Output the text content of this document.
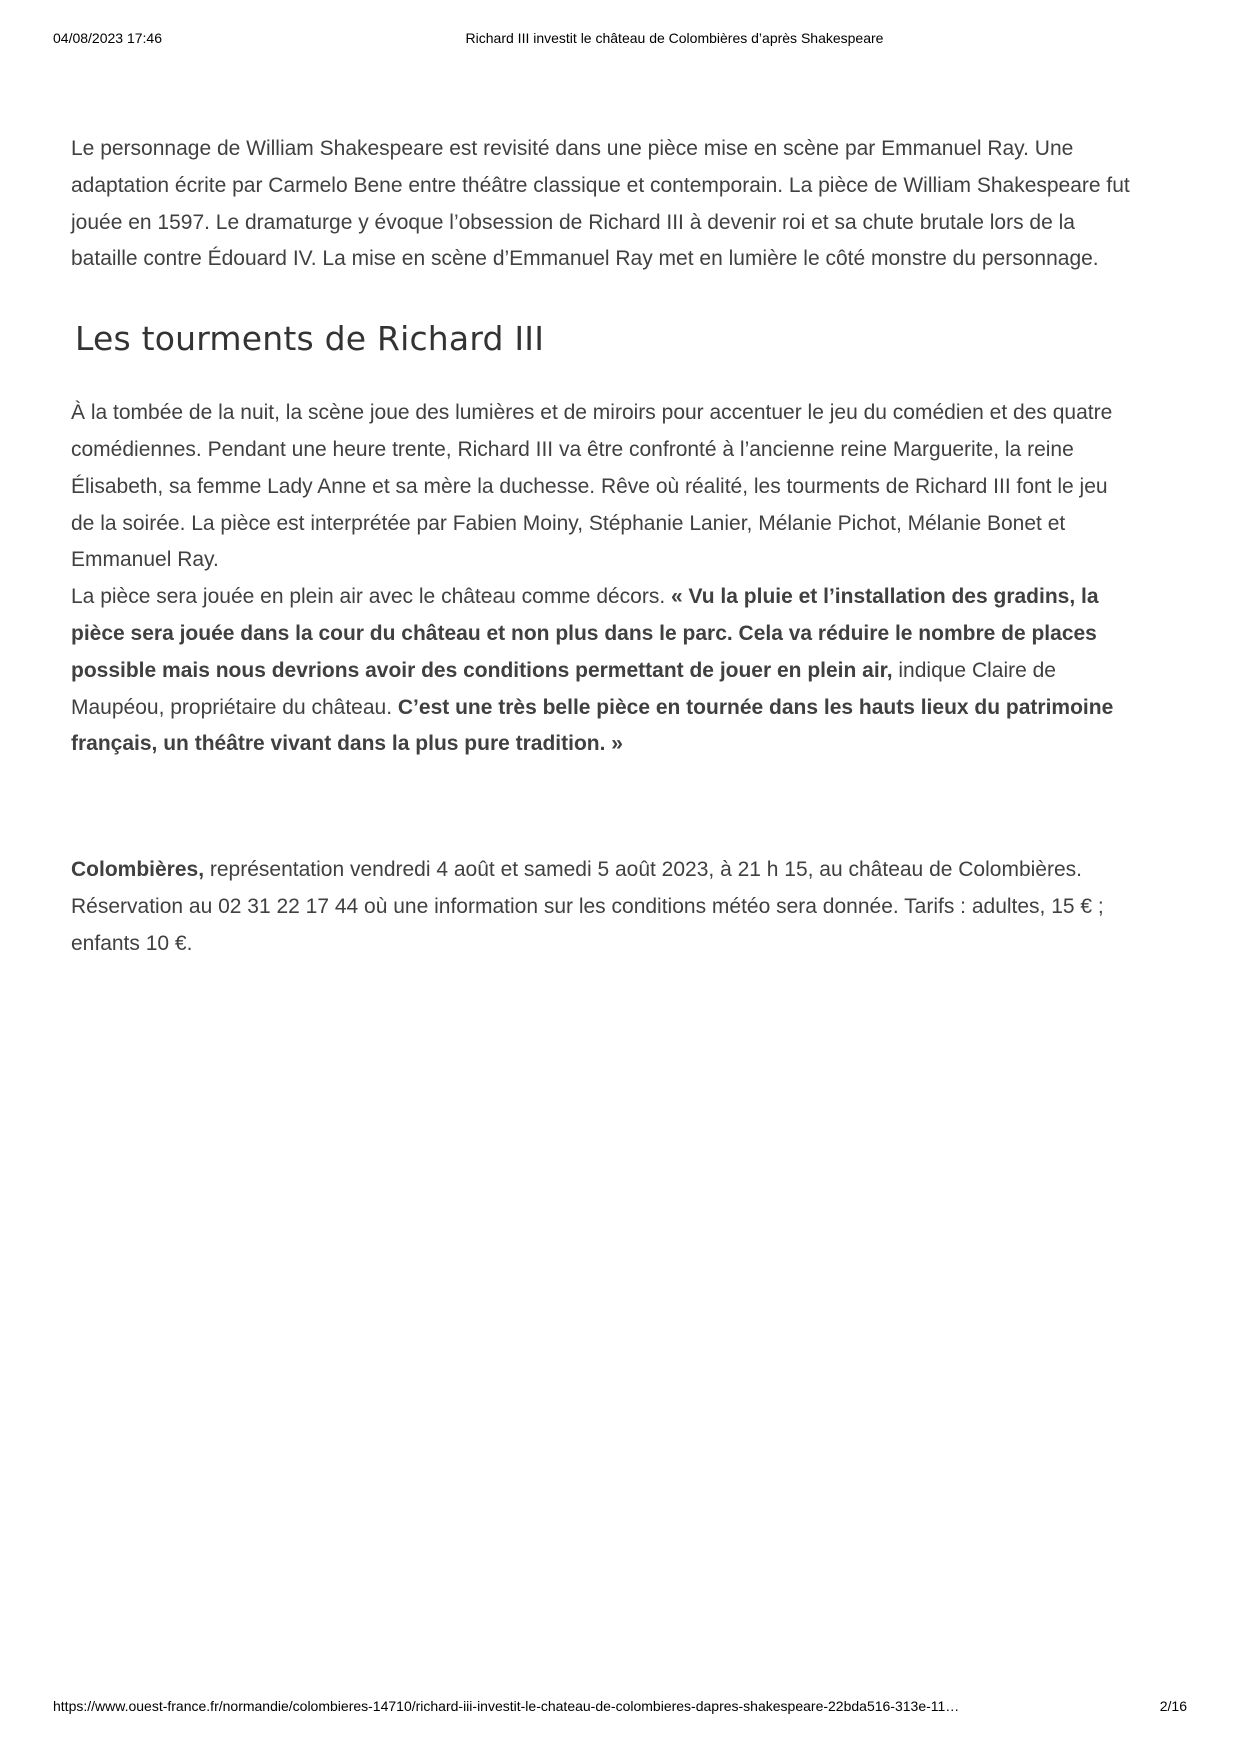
04/08/2023 17:46	Richard III investit le château de Colombières d’après Shakespeare

Le personnage de William Shakespeare est revisité dans une pièce mise en scène par Emmanuel Ray. Une adaptation écrite par Carmelo Bene entre théâtre classique et contemporain. La pièce de William Shakespeare fut jouée en 1597. Le dramaturge y évoque l’obsession de Richard III à devenir roi et sa chute brutale lors de la bataille contre Édouard IV. La mise en scène d’Emmanuel Ray met en lumière le côté monstre du personnage.

Les tourments de Richard III

À la tombée de la nuit, la scène joue des lumières et de miroirs pour accentuer le jeu du comédien et des quatre comédiennes. Pendant une heure trente, Richard III va être confronté à l’ancienne reine Marguerite, la reine Élisabeth, sa femme Lady Anne et sa mère la duchesse. Rêve où réalité, les tourments de Richard III font le jeu de la soirée. La pièce est interprétée par Fabien Moiny, Stéphanie Lanier, Mélanie Pichot, Mélanie Bonet et Emmanuel Ray.

La pièce sera jouée en plein air avec le château comme décors. « Vu la pluie et l’installation des gradins, la pièce sera jouée dans la cour du château et non plus dans le parc. Cela va réduire le nombre de places possible mais nous devrions avoir des conditions permettant de jouer en plein air, indique Claire de Maupéou, propriétaire du château. C’est une très belle pièce en tournée dans les hauts lieux du patrimoine français, un théâtre vivant dans la plus pure tradition. »

Colombières, représentation vendredi 4 août et samedi 5 août 2023, à 21 h 15, au château de Colombières. Réservation au 02 31 22 17 44 où une information sur les conditions météo sera donnée. Tarifs : adultes, 15 € ; enfants 10 €.

https://www.ouest-france.fr/normandie/colombieres-14710/richard-iii-investit-le-chateau-de-colombieres-dapres-shakespeare-22bda516-313e-11…	2/16
